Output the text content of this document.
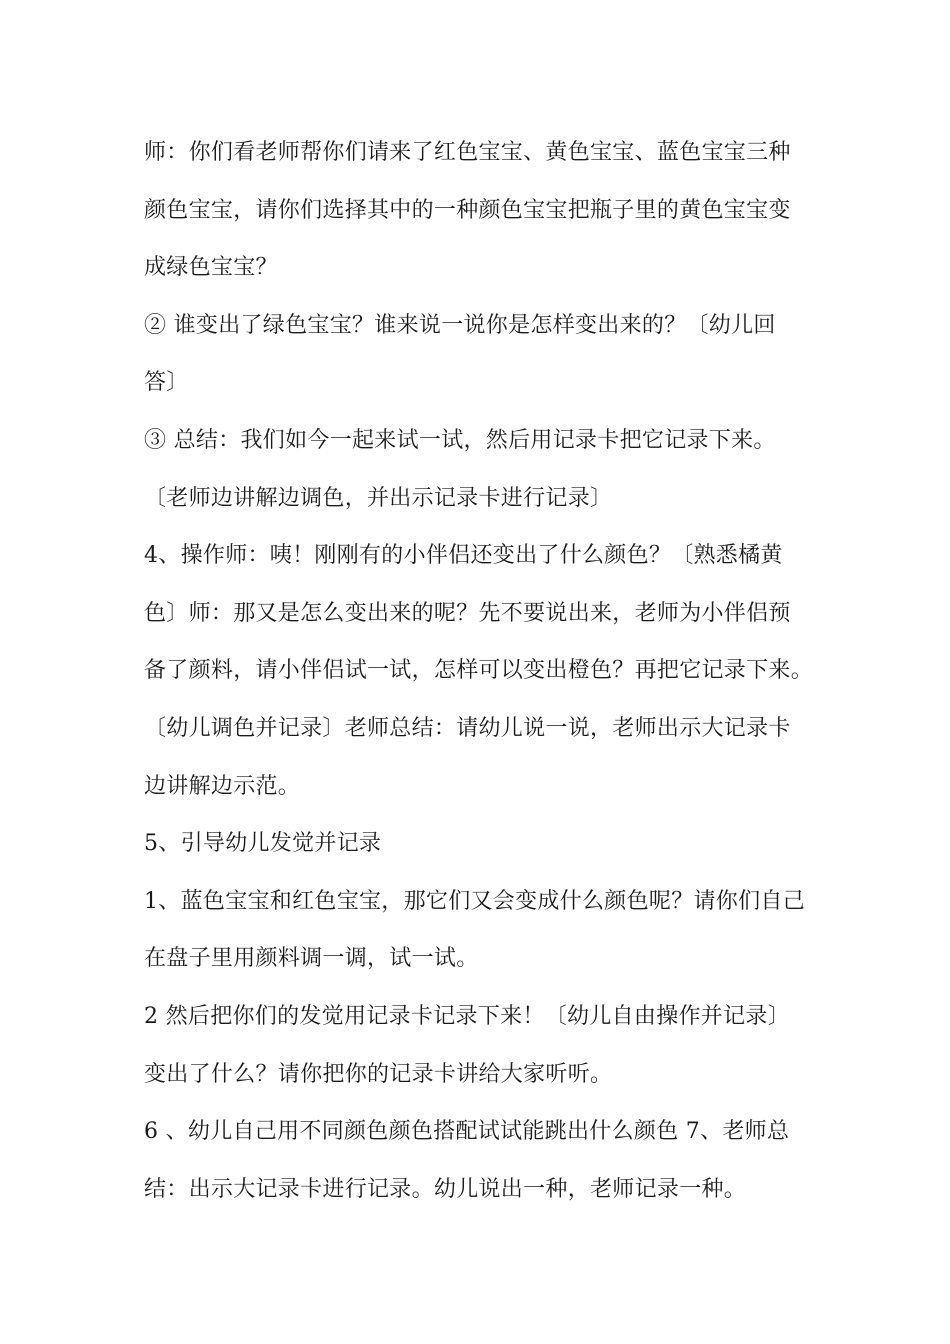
师：你们看老师帮你们请来了红色宝宝、黄色宝宝、蓝色宝宝三种
颜色宝宝，请你们选择其中的一种颜色宝宝把瓶子里的黄色宝宝变
成绿色宝宝？
② 谁变出了绿色宝宝？谁来说一说你是怎样变出来的？〔幼儿回
答〕
③ 总结：我们如今一起来试一试，然后用记录卡把它记录下来。
〔老师边讲解边调色，并出示记录卡进行记录〕
4、操作师：咦！刚刚有的小伴侣还变出了什么颜色？〔熟悉橘黄
色〕师：那又是怎么变出来的呢？先不要说出来，老师为小伴侣预
备了颜料，请小伴侣试一试，怎样可以变出橙色？再把它记录下来。
〔幼儿调色并记录〕老师总结：请幼儿说一说，老师出示大记录卡
边讲解边示范。
5、引导幼儿发觉并记录
1、蓝色宝宝和红色宝宝，那它们又会变成什么颜色呢？请你们自己
在盘子里用颜料调一调，试一试。
2 然后把你们的发觉用记录卡记录下来！〔幼儿自由操作并记录〕
变出了什么？请你把你的记录卡讲给大家听听。
6 、幼儿自己用不同颜色颜色搭配试试能跳出什么颜色 7、老师总
结：出示大记录卡进行记录。幼儿说出一种，老师记录一种。
